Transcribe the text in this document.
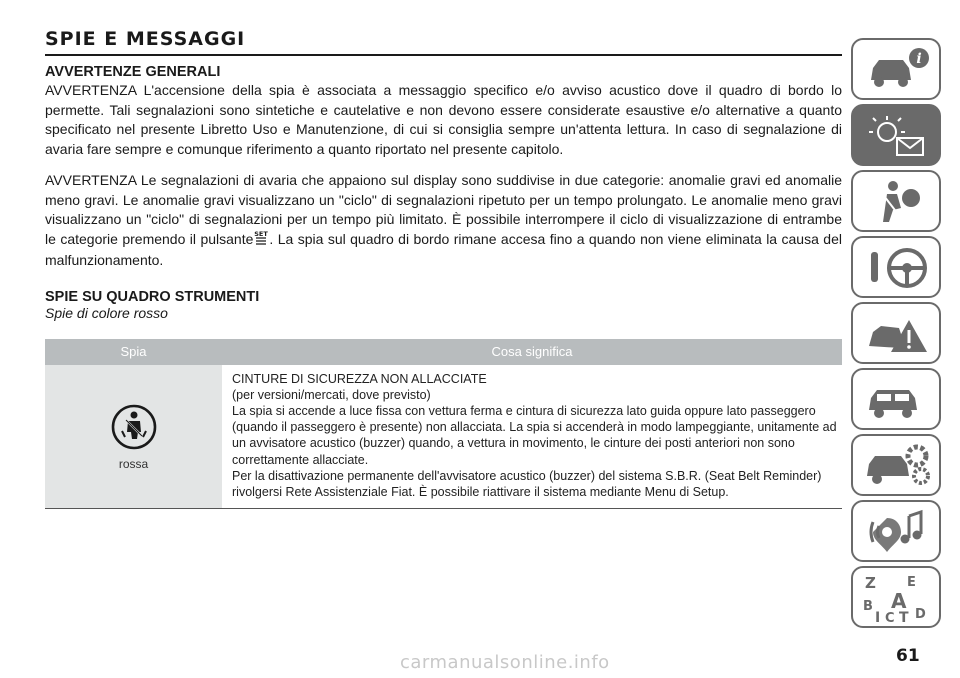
SPIE E MESSAGGI
AVVERTENZE GENERALI

AVVERTENZA L'accensione della spia è associata a messaggio specifico e/o avviso acustico dove il quadro di bordo lo permette. Tali segnalazioni sono sintetiche e cautelative e non devono essere considerate esaustive e/o alternative a quanto specificato nel presente Libretto Uso e Manutenzione, di cui si consiglia sempre un'attenta lettura. In caso di segnalazione di avaria fare sempre e comunque riferimento a quanto riportato nel presente capitolo.

AVVERTENZA Le segnalazioni di avaria che appaiono sul display sono suddivise in due categorie: anomalie gravi ed anomalie meno gravi. Le anomalie gravi visualizzano un "ciclo" di segnalazioni ripetuto per un tempo prolungato. Le anomalie meno gravi visualizzano un "ciclo" di segnalazioni per un tempo più limitato. È possibile interrompere il ciclo di visualizzazione di entrambe le categorie premendo il pulsante SET . La spia sul quadro di bordo rimane accesa fino a quando non viene eliminata la causa del malfunzionamento.

SPIE SU QUADRO STRUMENTI
Spie di colore rosso
Spia	Cosa significa

rossa	CINTURE DI SICUREZZA NON ALLACCIATE
(per versioni/mercati, dove previsto)
La spia si accende a luce fissa con vettura ferma e cintura di sicurezza lato guida oppure lato passeggero (quando il passeggero è presente) non allacciata. La spia si accenderà in modo lampeggiante, unitamente ad un avvisatore acustico (buzzer) quando, a vettura in movimento, le cinture dei posti anteriori non sono correttamente allacciate.
Per la disattivazione permanente dell'avvisatore acustico (buzzer) del sistema S.B.R. (Seat Belt Reminder) rivolgersi Rete Assistenziale Fiat. È possibile riattivare il sistema mediante Menu di Setup.
i
Z E
B A
I C T D
61
carmanualsonline.info
